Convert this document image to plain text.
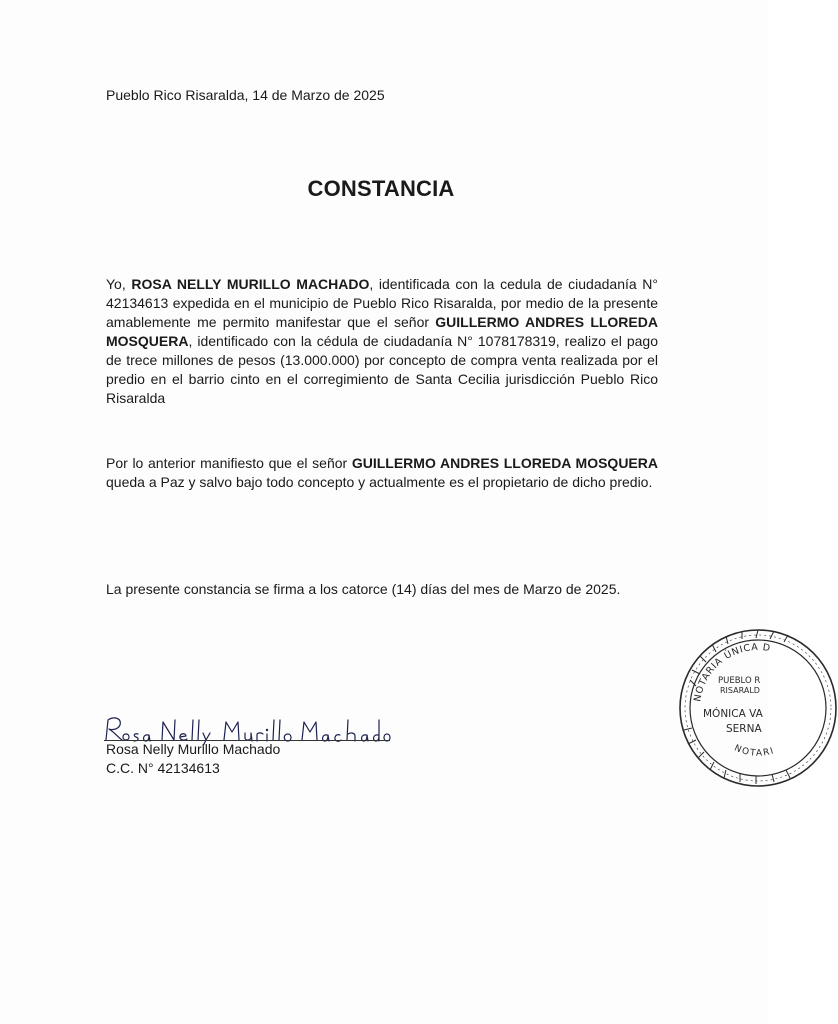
Pueblo Rico Risaralda, 14 de Marzo de 2025
CONSTANCIA
Yo, ROSA NELLY MURILLO MACHADO, identificada con la cedula de ciudadanía N° 42134613 expedida en el municipio de Pueblo Rico Risaralda, por medio de la presente amablemente me permito manifestar que el señor GUILLERMO ANDRES LLOREDA MOSQUERA, identificado con la cédula de ciudadanía N° 1078178319, realizo el pago de trece millones de pesos (13.000.000) por concepto de compra venta realizada por el predio en el barrio cinto en el corregimiento de Santa Cecilia jurisdicción Pueblo Rico Risaralda
Por lo anterior manifiesto que el señor GUILLERMO ANDRES LLOREDA MOSQUERA queda a Paz y salvo bajo todo concepto y actualmente es el propietario de dicho predio.
La presente constancia se firma a los catorce (14) días del mes de Marzo de 2025.
Rosa Nelly Murillo Machado
C.C. N° 42134613
NOTARIA ÚNICA D
NOTARI
PUEBLO R
RISARALD
MÓNICA VA
SERNA
